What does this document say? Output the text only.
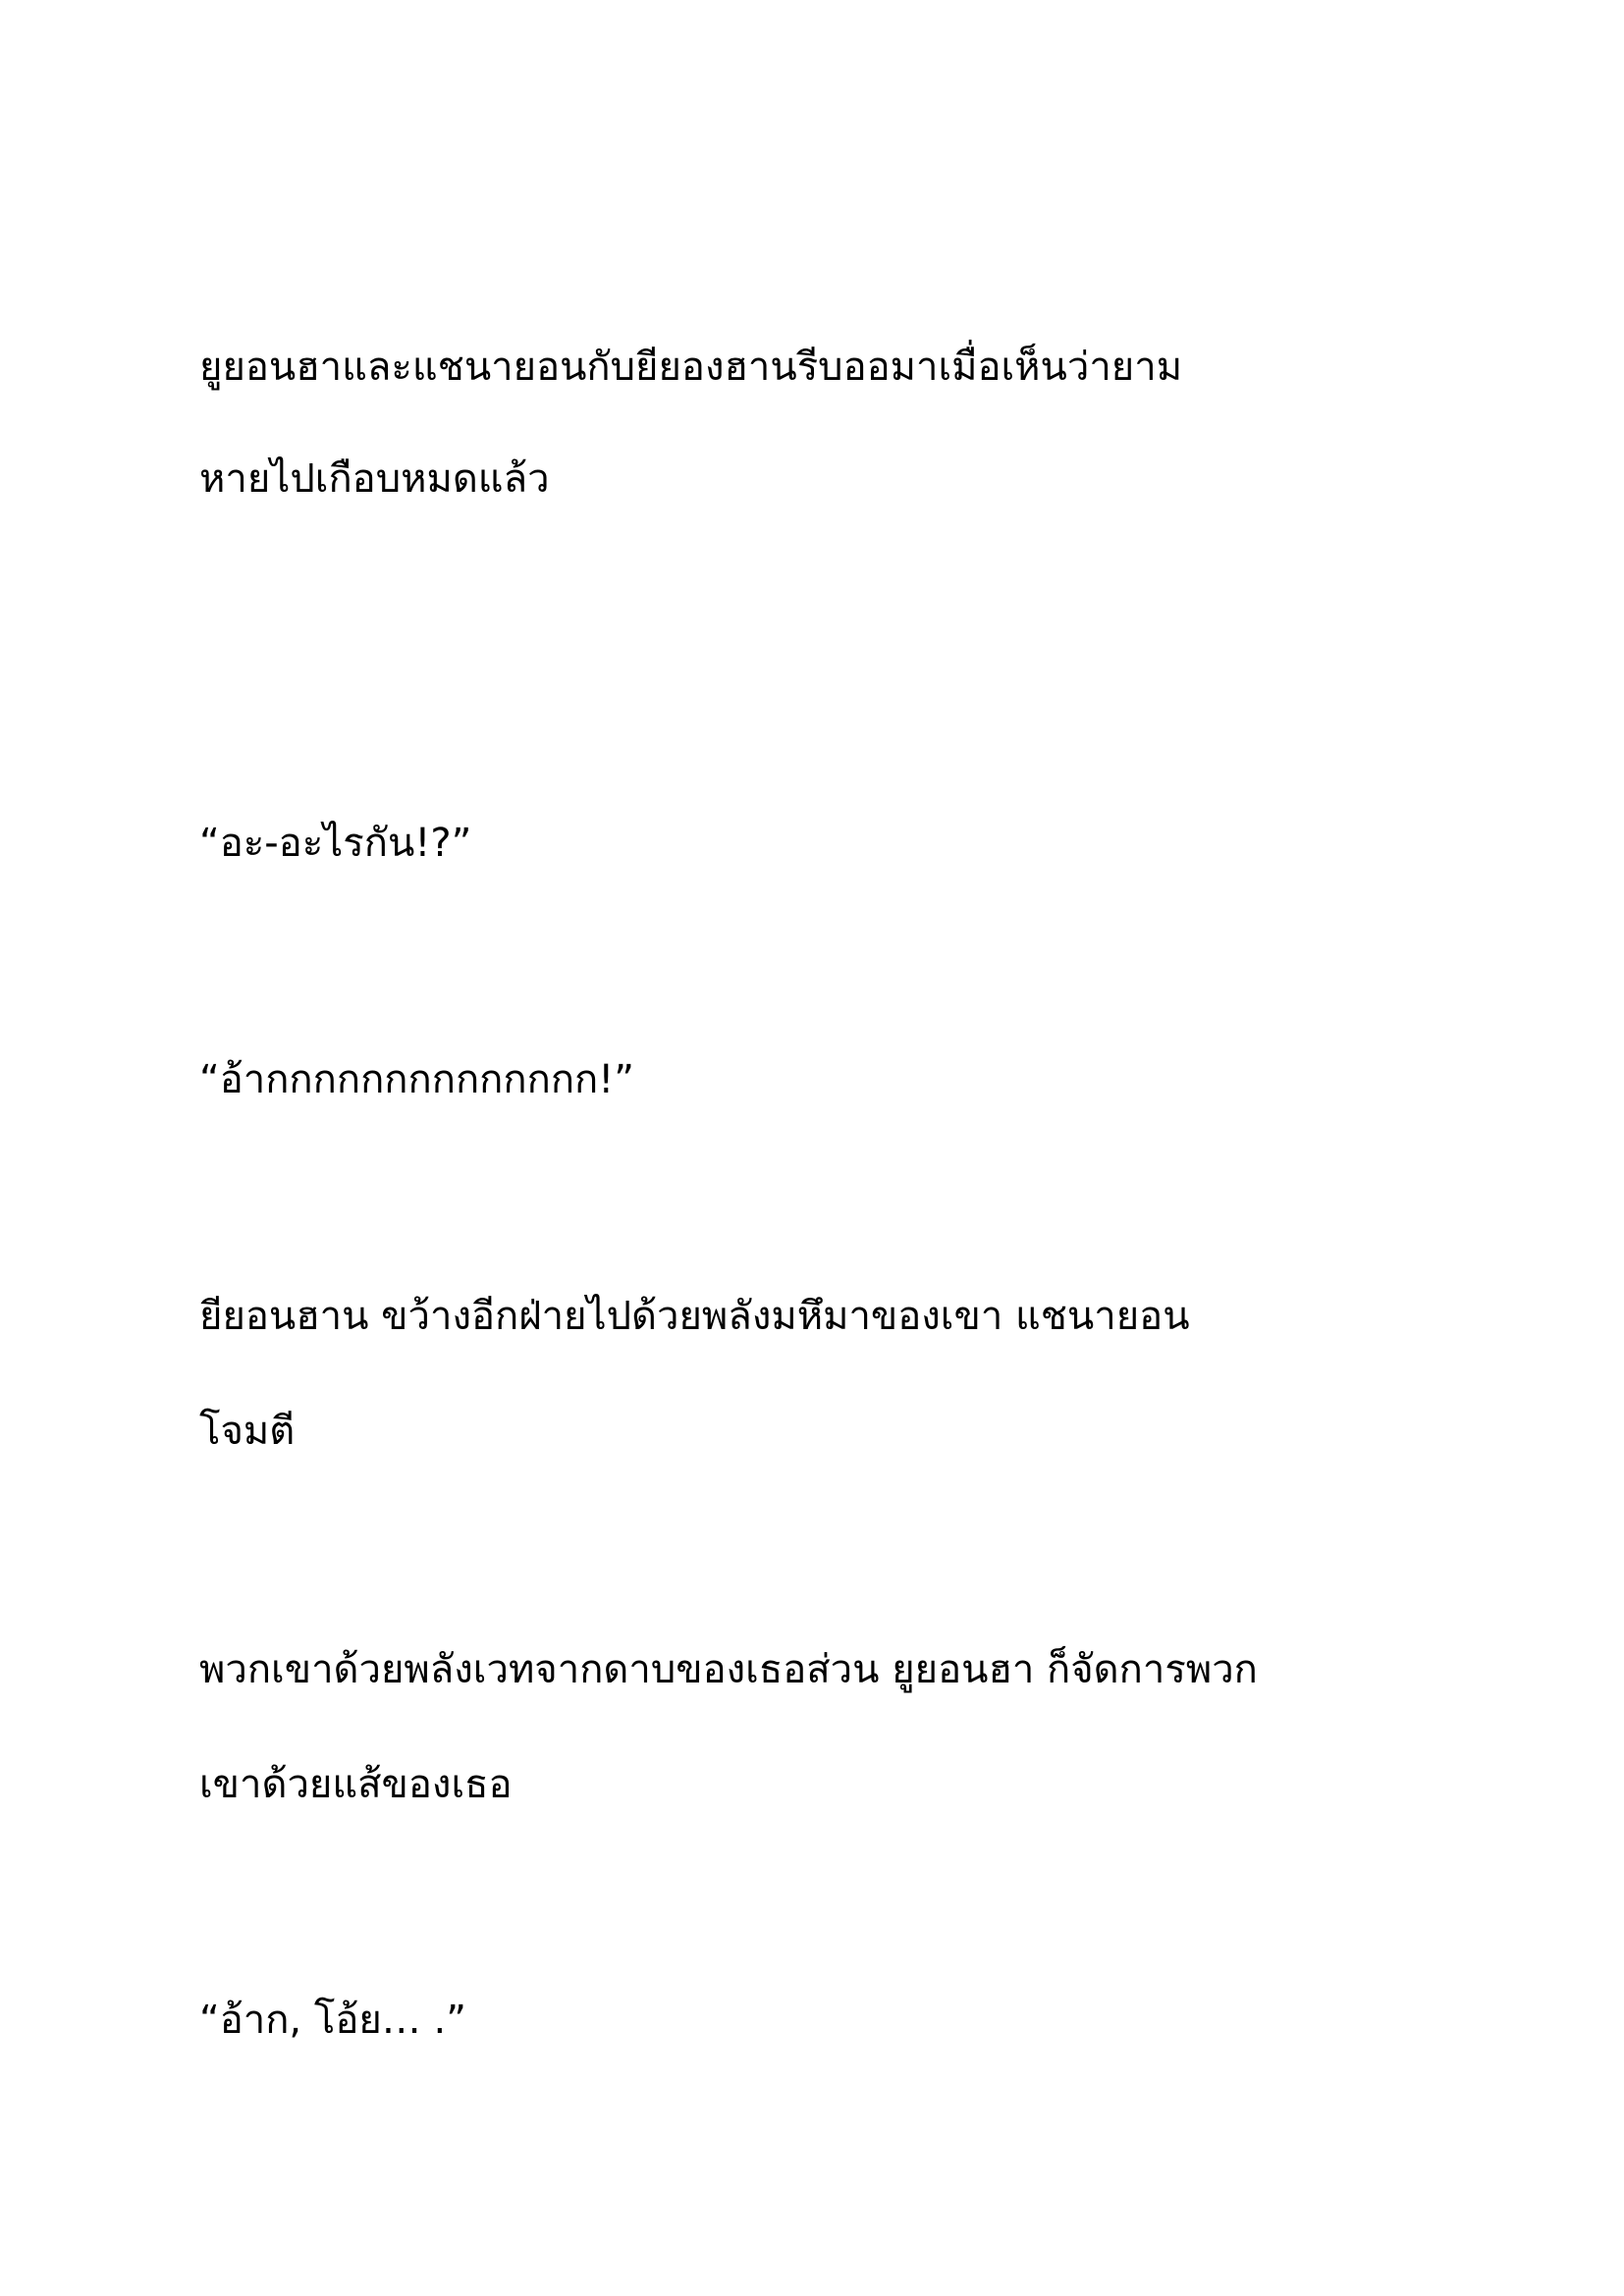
ยูยอนฮาและแชนายอนกับยียองฮานรีบออมาเมื่อเห็นว่ายาม

หายไปเกือบหมดแล้ว

“อะ-อะไรกัน!?”

“อ้ากกกกกกกกกกกกกก!”

ยียอนฮาน ขว้างอีกฝ่ายไปด้วยพลังมหึมาของเขา แชนายอน

โจมตี

พวกเขาด้วยพลังเวทจากดาบของเธอส่วน ยูยอนฮา ก็จัดการพวก

เขาด้วยแส้ของเธอ

“อ้าก, โอ้ย… .”
